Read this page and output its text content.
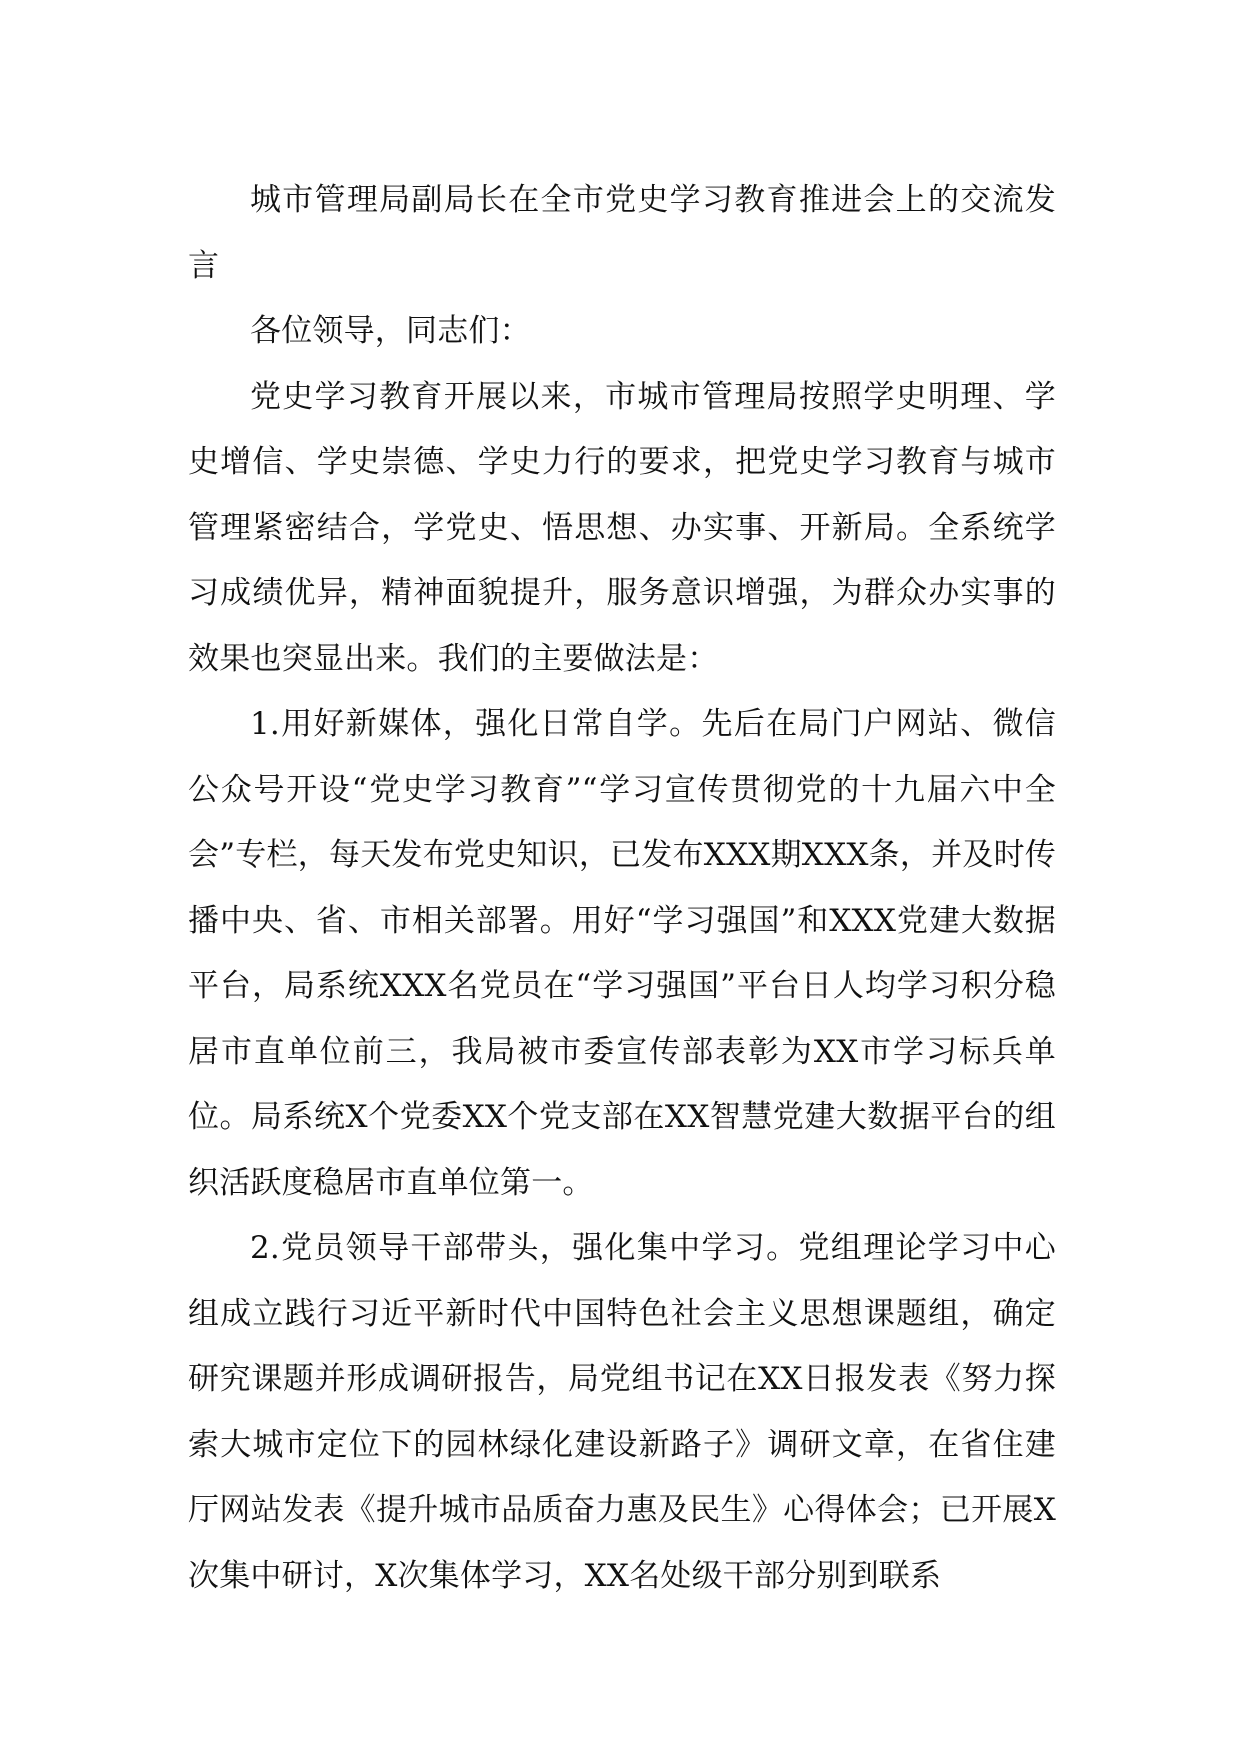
城市管理局副局长在全市党史学习教育推进会上的交流发言

各位领导，同志们：

党史学习教育开展以来，市城市管理局按照学史明理、学史增信、学史崇德、学史力行的要求，把党史学习教育与城市管理紧密结合，学党史、悟思想、办实事、开新局。全系统学习成绩优异，精神面貌提升，服务意识增强，为群众办实事的效果也突显出来。我们的主要做法是：

1.用好新媒体，强化日常自学。先后在局门户网站、微信公众号开设“党史学习教育”“学习宣传贯彻党的十九届六中全会”专栏，每天发布党史知识，已发布XXX期XXX条，并及时传播中央、省、市相关部署。用好“学习强国”和XXX党建大数据平台，局系统XXX名党员在“学习强国”平台日人均学习积分稳居市直单位前三，我局被市委宣传部表彰为XX市学习标兵单位。局系统X个党委XX个党支部在XX智慧党建大数据平台的组织活跃度稳居市直单位第一。

2.党员领导干部带头，强化集中学习。党组理论学习中心组成立践行习近平新时代中国特色社会主义思想课题组，确定研究课题并形成调研报告，局党组书记在XX日报发表《努力探索大城市定位下的园林绿化建设新路子》调研文章，在省住建厅网站发表《提升城市品质奋力惠及民生》心得体会；已开展X次集中研讨，X次集体学习，XX名处级干部分别到联系
